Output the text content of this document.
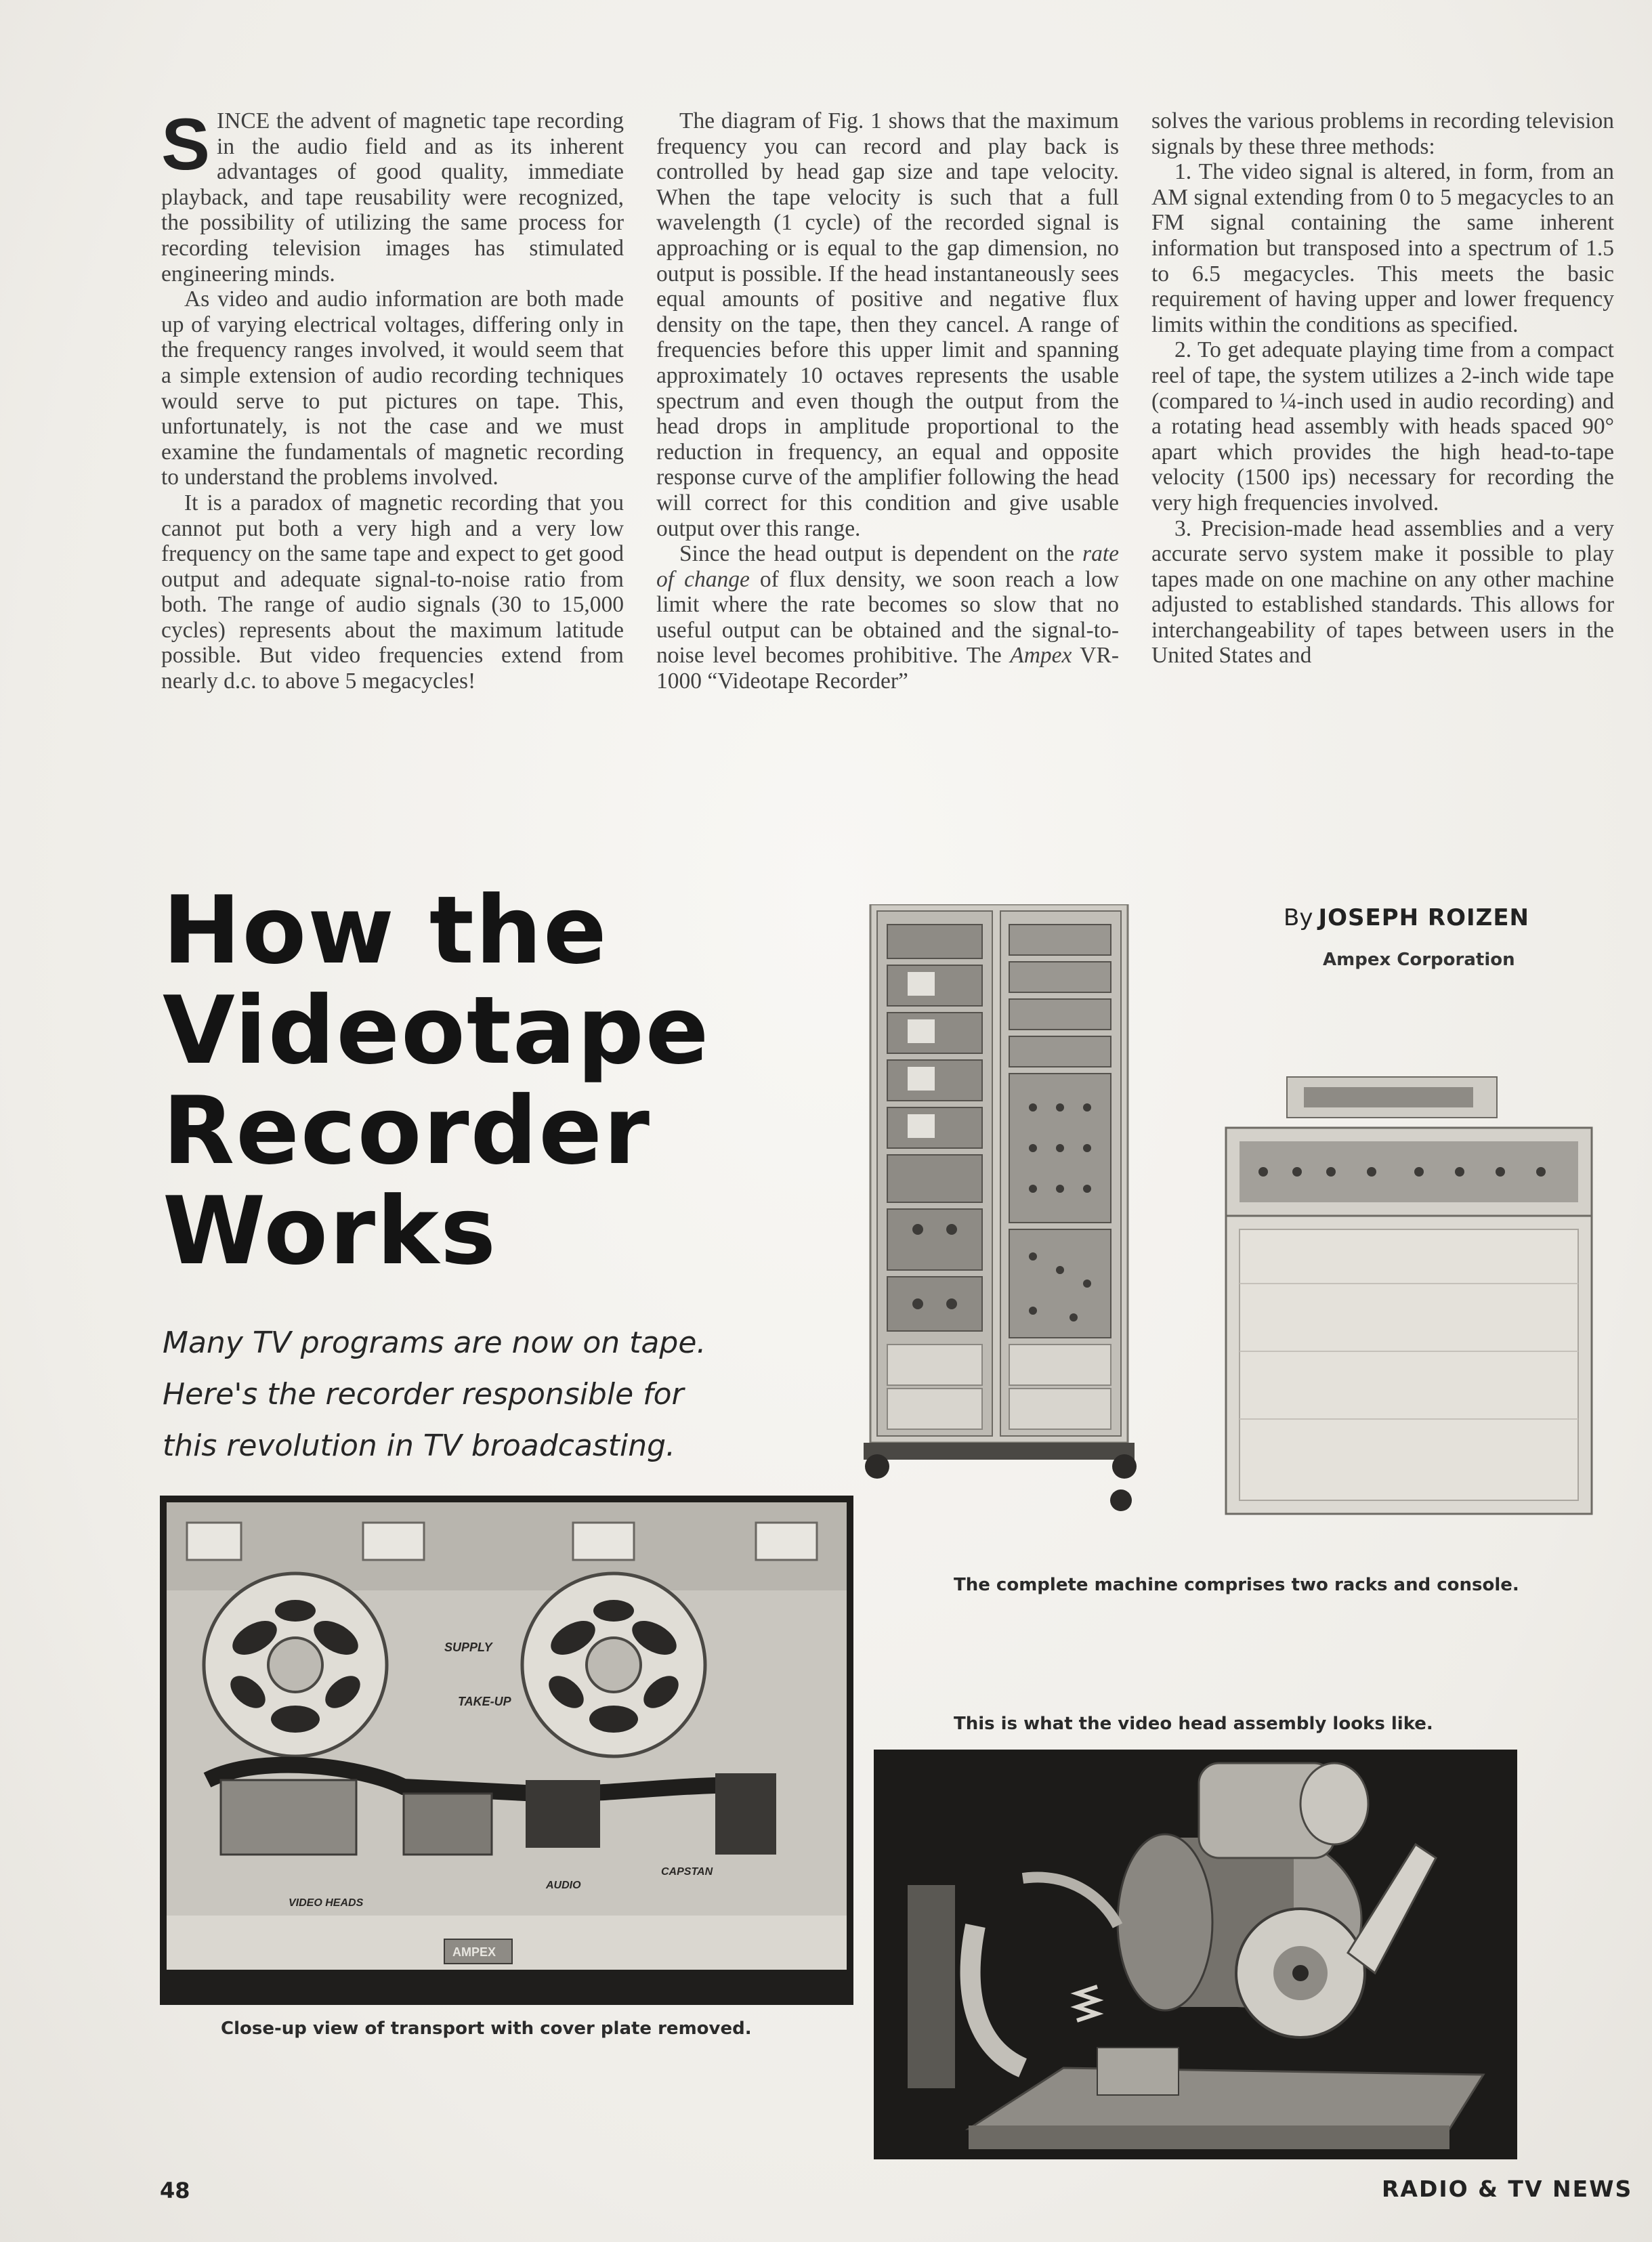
SINCE the advent of magnetic tape recording in the audio field and as its inherent advantages of good quality, immediate playback, and tape reusability were recognized, the possibility of utilizing the same process for recording television images has stimulated engineering minds.

As video and audio information are both made up of varying electrical voltages, differing only in the frequency ranges involved, it would seem that a simple extension of audio recording techniques would serve to put pictures on tape. This, unfortunately, is not the case and we must examine the fundamentals of magnetic recording to understand the problems involved.

It is a paradox of magnetic recording that you cannot put both a very high and a very low frequency on the same tape and expect to get good output and adequate signal-to-noise ratio from both. The range of audio signals (30 to 15,000 cycles) represents about the maximum latitude possible. But video frequencies extend from nearly d.c. to above 5 megacycles!

The diagram of Fig. 1 shows that the maximum frequency you can record and play back is controlled by head gap size and tape velocity. When the tape velocity is such that a full wavelength (1 cycle) of the recorded signal is approaching or is equal to the gap dimension, no output is possible. If the head instantaneously sees equal amounts of positive and negative flux density on the tape, then they cancel. A range of frequencies before this upper limit and spanning approximately 10 octaves represents the usable spectrum and even though the output from the head drops in amplitude proportional to the reduction in frequency, an equal and opposite response curve of the amplifier following the head will correct for this condition and give usable output over this range.

Since the head output is dependent on the rate of change of flux density, we soon reach a low limit where the rate becomes so slow that no useful output can be obtained and the signal-to-noise level becomes prohibitive. The Ampex VR-1000 “Videotape Recorder”

solves the various problems in recording television signals by these three methods:

1. The video signal is altered, in form, from an AM signal extending from 0 to 5 megacycles to an FM signal containing the same inherent information but transposed into a spectrum of 1.5 to 6.5 megacycles. This meets the basic requirement of having upper and lower frequency limits within the conditions as specified.

2. To get adequate playing time from a compact reel of tape, the system utilizes a 2-inch wide tape (compared to ¼-inch used in audio recording) and a rotating head assembly with heads spaced 90° apart which provides the high head-to-tape velocity (1500 ips) necessary for recording the very high frequencies involved.

3. Precision-made head assemblies and a very accurate servo system make it possible to play tapes made on one machine on any other machine adjusted to established standards. This allows for interchangeability of tapes between users in the United States and

How the
Videotape
Recorder
Works
Many TV programs are now on tape.
Here's the recorder responsible for
this revolution in TV broadcasting.
By JOSEPH ROIZEN
Ampex Corporation
The complete machine comprises two racks and console.
SUPPLY
TAKE-UP
VIDEO HEADS
AUDIO
CAPSTAN
AMPEX
Close-up view of transport with cover plate removed.
This is what the video head assembly looks like.
48	RADIO & TV NEWS
